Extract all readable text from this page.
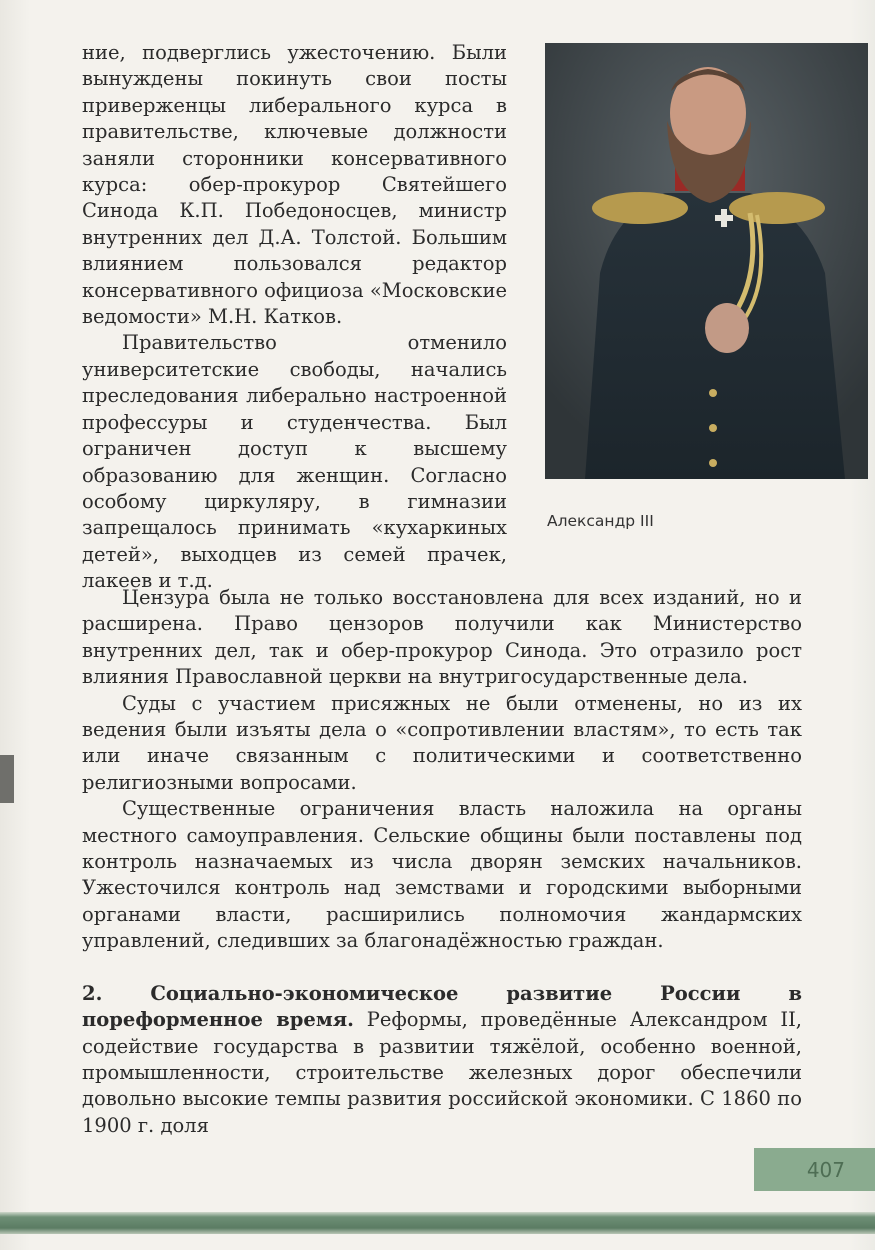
ние, подверглись ужесточению. Были вынуждены покинуть свои посты приверженцы либерального курса в правительстве, ключевые должности заняли сторонники консервативного курса: обер-прокурор Святейшего Синода К.П. Победоносцев, министр внутренних дел Д.А. Толстой. Большим влиянием пользовался редактор консервативного официоза «Московские ведомости» М.Н. Катков.

Правительство отменило университетские свободы, начались преследования либерально настроенной профессуры и студенчества. Был ограничен доступ к высшему образованию для женщин. Согласно особому циркуляру, в гимназии запрещалось принимать «кухаркиных детей», выходцев из семей прачек, лакеев и т.д.

Александр III

Цензура была не только восстановлена для всех изданий, но и расширена. Право цензоров получили как Министерство внутренних дел, так и обер-прокурор Синода. Это отразило рост влияния Православной церкви на внутригосударственные дела.

Суды с участием присяжных не были отменены, но из их ведения были изъяты дела о «сопротивлении властям», то есть так или иначе связанным с политическими и соответственно религиозными вопросами.

Существенные ограничения власть наложила на органы местного самоуправления. Сельские общины были поставлены под контроль назначаемых из числа дворян земских начальников. Ужесточился контроль над земствами и городскими выборными органами власти, расширились полномочия жандармских управлений, следивших за благонадёжностью граждан.

2. Социально-экономическое развитие России в пореформенное время. Реформы, проведённые Александром II, содействие государства в развитии тяжёлой, особенно военной, промышленности, строительстве железных дорог обеспечили довольно высокие темпы развития российской экономики. С 1860 по 1900 г. доля

407
